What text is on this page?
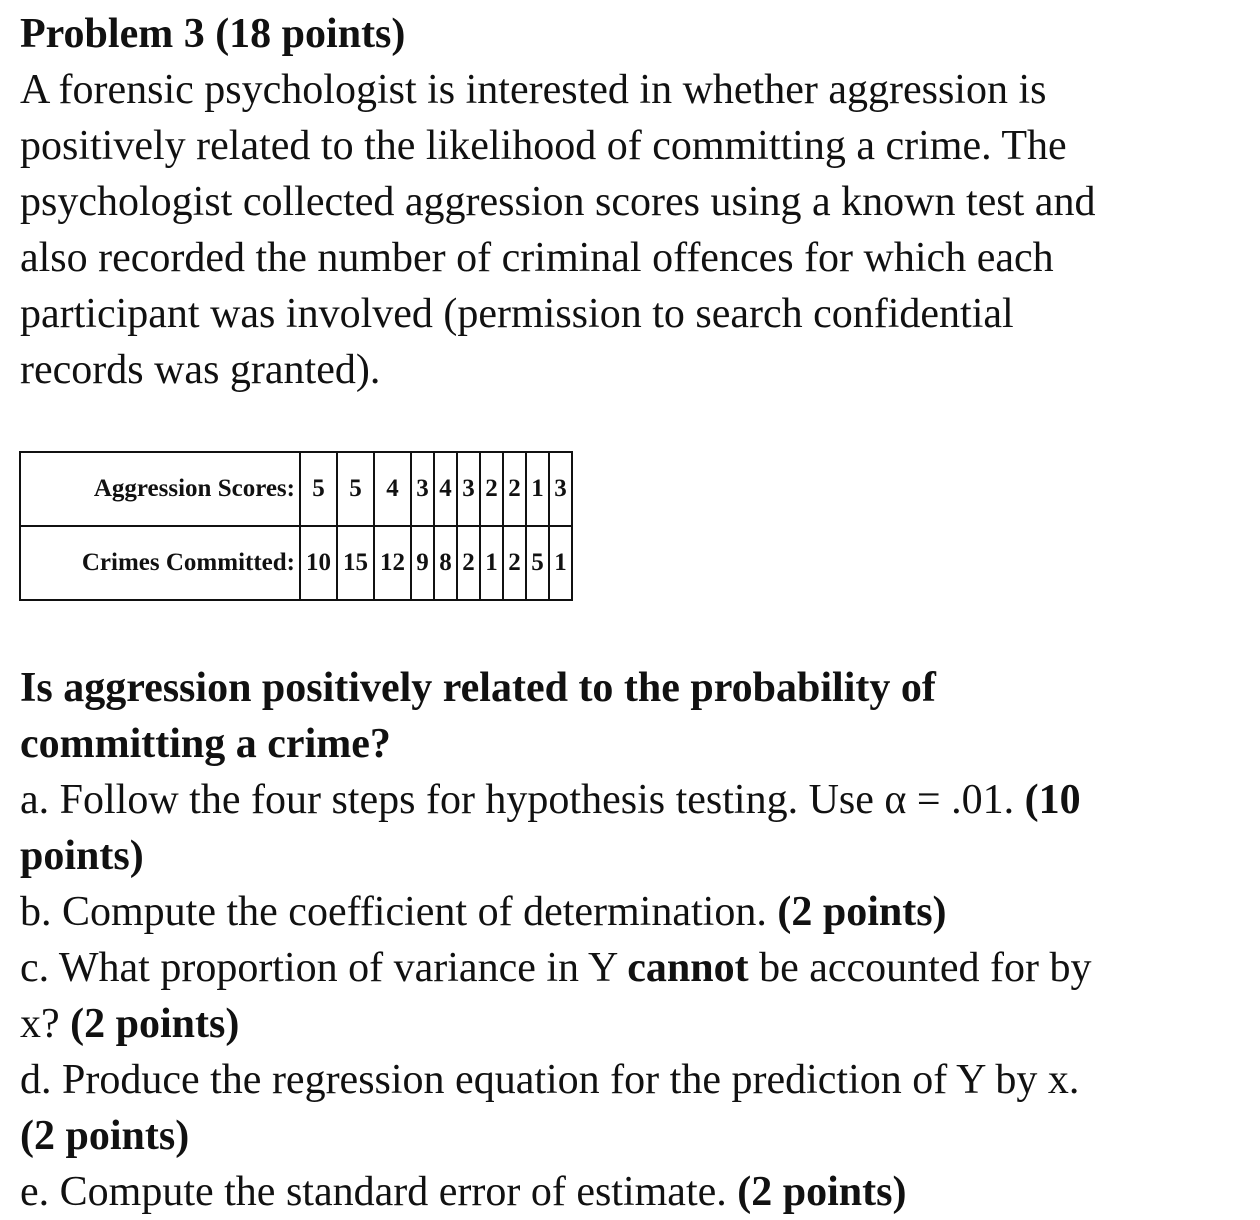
Problem 3 (18 points)

A forensic psychologist is interested in whether aggression is
positively related to the likelihood of committing a crime. The
psychologist collected aggression scores using a known test and
also recorded the number of criminal offences for which each
participant was involved (permission to search confidential
records was granted).

Aggression Scores:	5	5	4	3	4	3	2	2	1	3
Crimes Committed:	10	15	12	9	8	2	1	2	5	1

Is aggression positively related to the probability of
committing a crime?

a. Follow the four steps for hypothesis testing. Use α = .01. (10
points)
b. Compute the coefficient of determination. (2 points)
c. What proportion of variance in Y cannot be accounted for by
x? (2 points)
d. Produce the regression equation for the prediction of Y by x.
(2 points)
e. Compute the standard error of estimate. (2 points)
